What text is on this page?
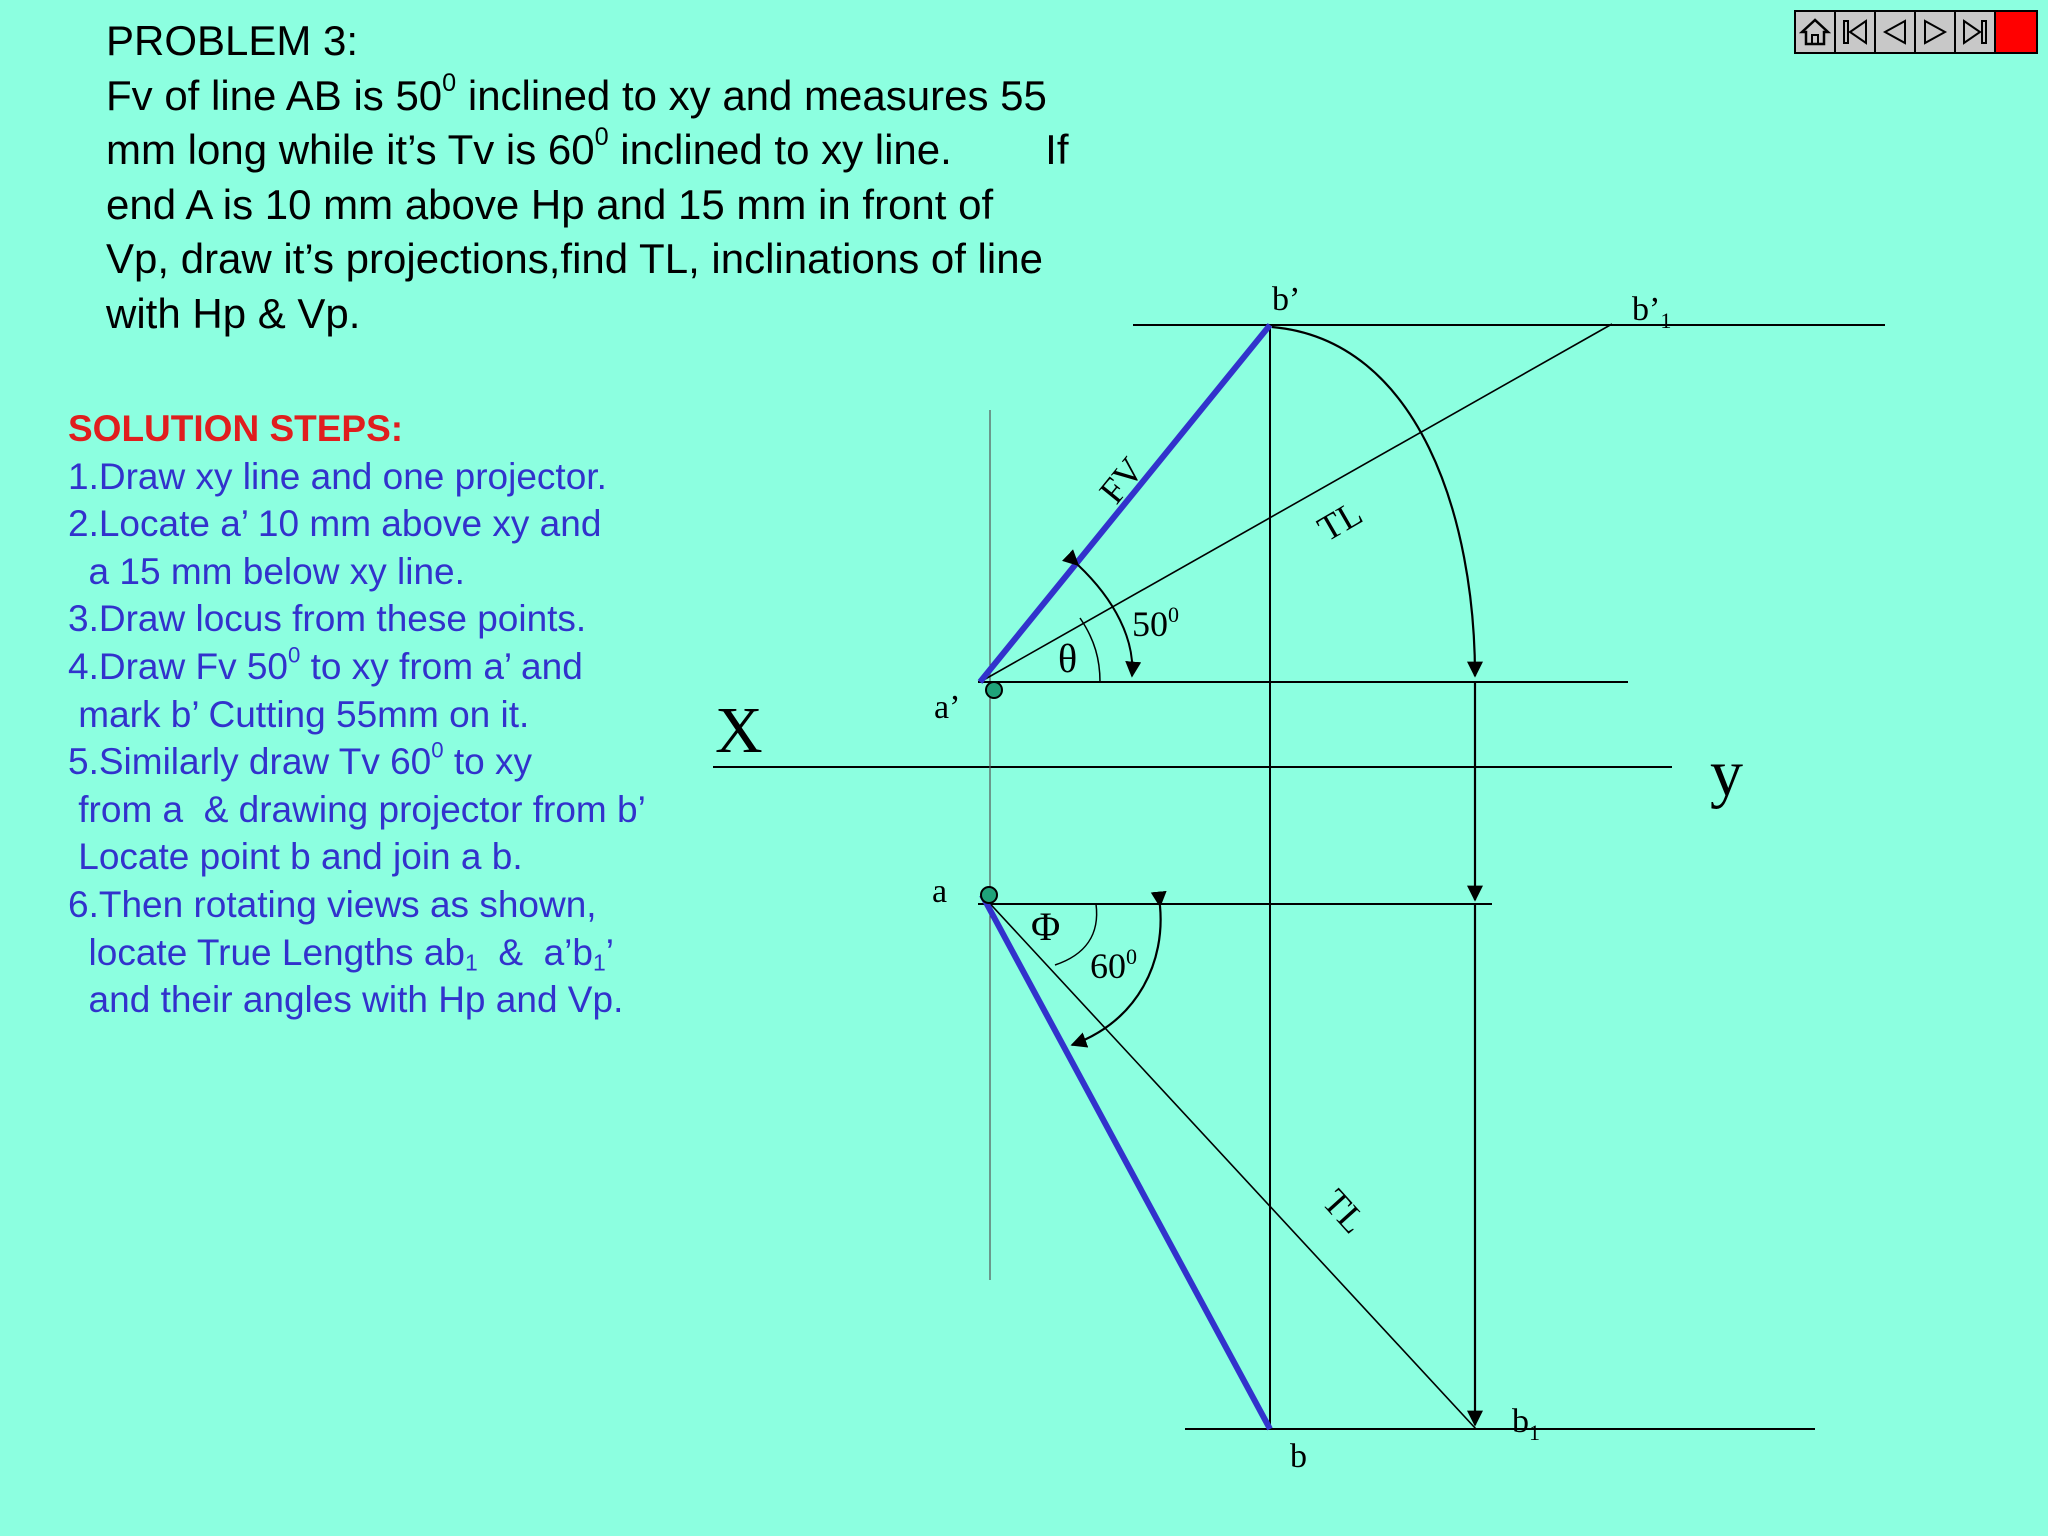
PROBLEM 3:
Fv of line AB is $50^0$ inclined to xy and measures 55
mm long while it’s Tv is $60^0$ inclined to xy line.        If
end A is 10 mm above Hp and 15 mm in front of
Vp, draw it’s projections,find TL, inclinations of line
with Hp & Vp.
SOLUTION STEPS:
1.Draw xy line and one projector.
2.Locate a’ 10 mm above xy and
a 15 mm below xy line.
3.Draw locus from these points.
4.Draw Fv $50^0$ to xy from a’ and
mark b’ Cutting 55mm on it.
5.Similarly draw Tv $60^0$ to xy
from a  & drawing projector from b’
Locate point b and join a b.
6.Then rotating views as shown,
locate True Lengths $ab_1$  &  $a’b_1$’
and their angles with Hp and Vp.
X
y
a’
b’	$b’_1$
a
b
$b_1$
FV
TL
TL
θ
Φ
$50^0$
$60^0$
